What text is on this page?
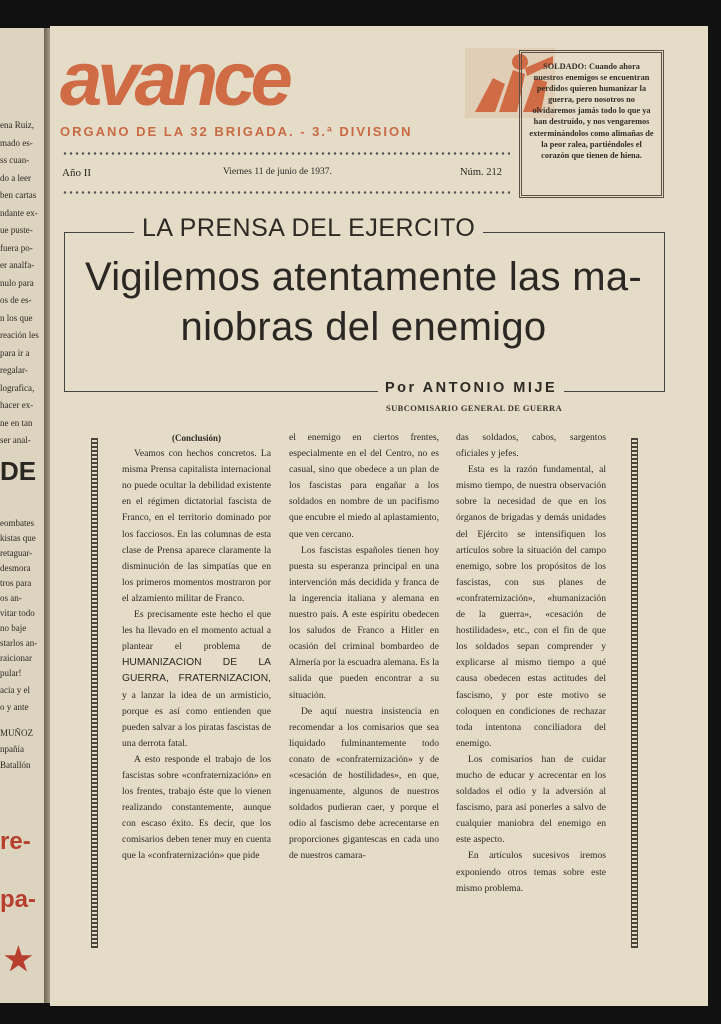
ena Ruiz,
mado es-
ss cuan-
do a leer
ben cartas
ndante ex-
ue puste-
fuera po-
er analfa-
nulo para
os de es-
n los que
reación les
para ir a
regalar-
lografica,
hacer ex-
ne en tan
ser anal-
eombates
kistas que
retaguar-
desmora
tros para
os an-
vitar todo
no baje
starlos an-
raicionar
pular!
acia y el
o y ante
MUÑOZ
npañía
Batallón
DE
re-
pa-
★
avance
ORGANO DE LA 32 BRIGADA. - 3.ª DIVISION
Año II	Viernes 11 de junio de 1937.	Núm. 212
SOLDADO: Cuando ahora nuestros enemigos se encuentran perdidos quieren humanizar la guerra, pero nosotros no olvidaremos jamás todo lo que ya han destruído, y nos vengaremos exterminándolos como alimañas de la peor ralea, partiéndoles el corazón que tienen de hiena.
LA PRENSA DEL EJERCITO
Vigilemos atentamente las ma-
niobras del enemigo
Por ANTONIO MIJE
SUBCOMISARIO GENERAL DE GUERRA

(Conclusión)

Veamos con hechos concretos. La misma Prensa capitalista internacional no puede ocultar la debilidad existente en el régimen dictatorial fascista de Franco, en el territorio dominado por los facciosos. En las columnas de esta clase de Prensa aparece claramente la disminución de las simpatías que en los primeros momentos mostraron por el alzamiento militar de Franco.

Es precisamente este hecho el que les ha llevado en el momento actual a plantear el problema de HUMANIZACION DE LA GUERRA, FRATERNIZACION, y a lanzar la idea de un armisticio, porque es así como entienden que pueden salvar a los piratas fascistas de una derrota fatal.

A esto responde el trabajo de los fascistas sobre «confraternización» en los frentes, trabajo éste que lo vienen realizando constantemente, aunque con escaso éxito. Es decir, que los comisarios deben tener muy en cuenta que la «confraternización» que pide

el enemigo en ciertos frentes, especialmente en el del Centro, no es casual, sino que obedece a un plan de los fascistas para engañar a los soldados en nombre de un pacifismo que encubre el miedo al aplastamiento, que ven cercano.

Los fascistas españoles tienen hoy puesta su esperanza principal en una intervención más decidida y franca de la ingerencia italiana y alemana en nuestro país. A este espíritu obedecen los saludos de Franco a Hitler en ocasión del criminal bombardeo de Almería por la escuadra alemana. Es la salida que pueden encontrar a su situación.

De aquí nuestra insistencia en recomendar a los comisarios que sea liquidado fulminantemente todo conato de «confraternización» y de «cesación de hostilidades», en que, ingenuamente, algunos de nuestros soldados pudieran caer, y porque el odio al fascismo debe acrecentarse en proporciones gigantescas en cada uno de nuestros camara-

das soldados, cabos, sargentos oficiales y jefes.

Esta es la razón fundamental, al mismo tiempo, de nuestra observación sobre la necesidad de que en los órganos de brigadas y demás unidades del Ejército se intensifiquen los artículos sobre la situación del campo enemigo, sobre los propósitos de los fascistas, con sus planes de «confraternización», «humanización de la guerra», «cesación de hostilidades», etc., con el fin de que los soldados sepan comprender y explicarse al mismo tiempo a qué causa obedecen estas actitudes del fascismo, y por este motivo se coloquen en condiciones de rechazar toda intentona conciliadora del enemigo.

Los comisarios han de cuidar mucho de educar y acrecentar en los soldados el odio y la adversión al fascismo, para así ponerles a salvo de cualquier maniobra del enemigo en este aspecto.

En artículos sucesivos iremos exponiendo otros temas sobre este mismo problema.
